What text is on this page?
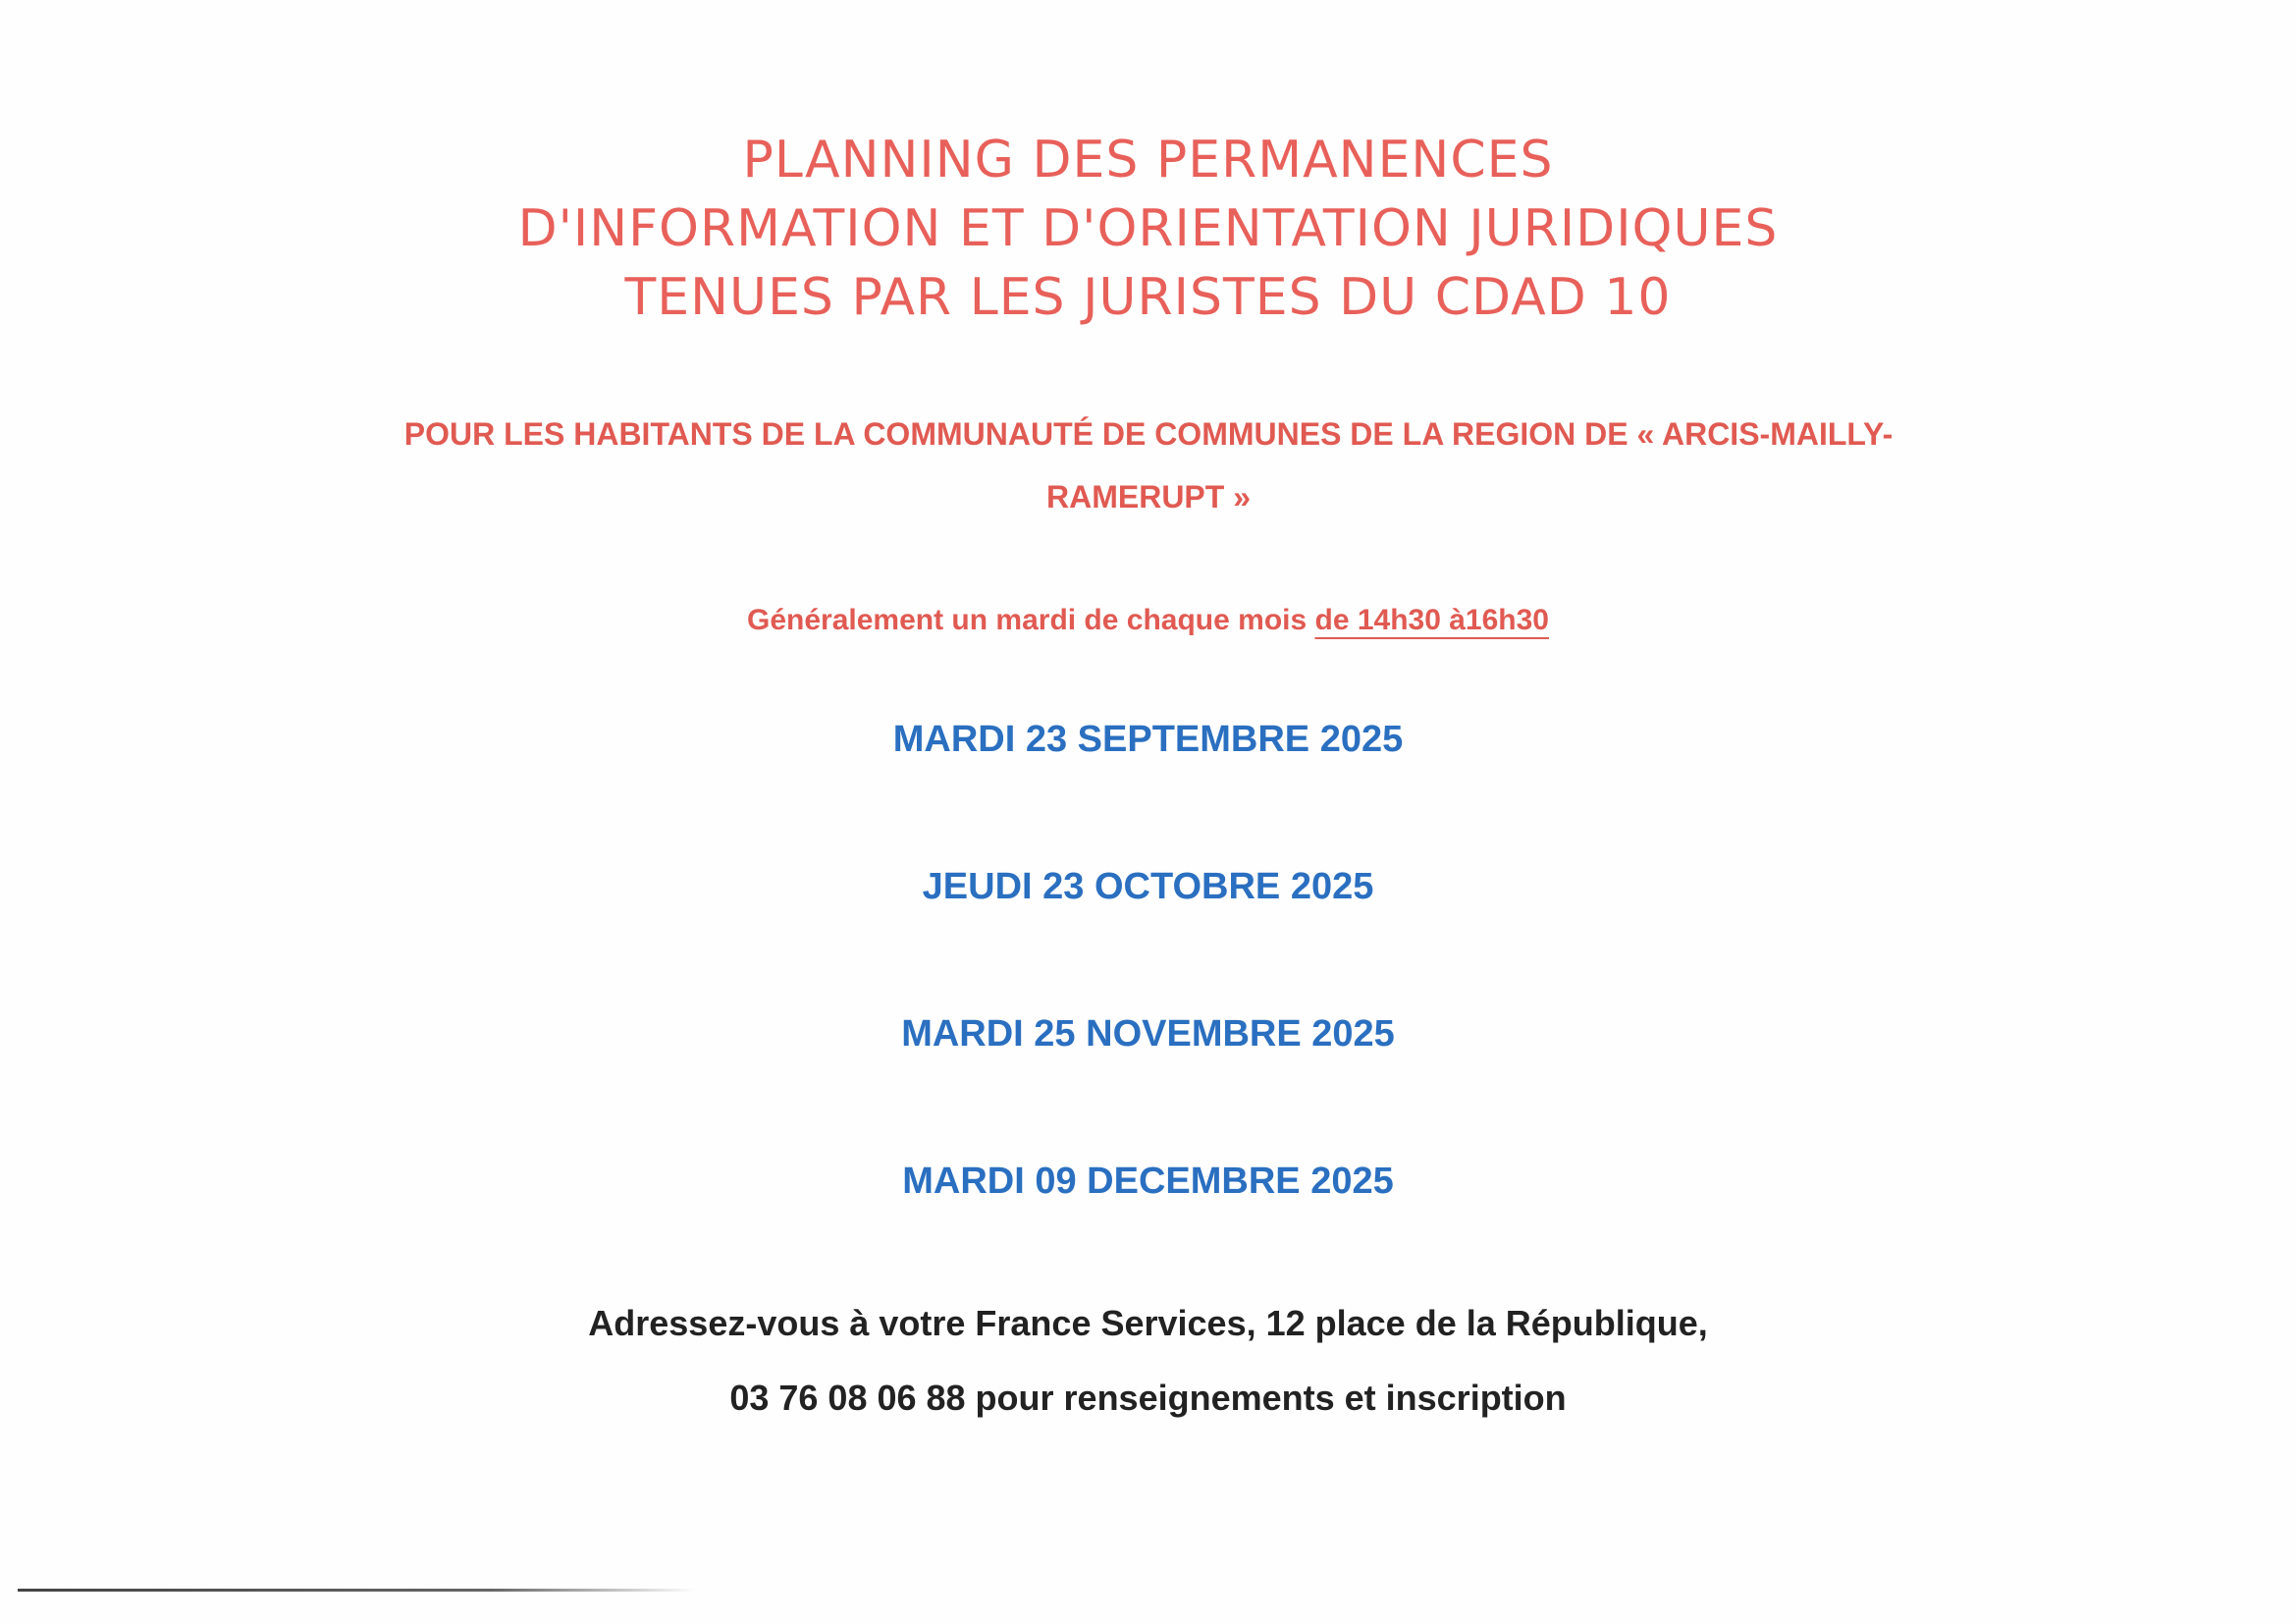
PLANNING DES PERMANENCES
D'INFORMATION ET D'ORIENTATION JURIDIQUES
TENUES PAR LES JURISTES DU CDAD 10
POUR LES HABITANTS DE LA COMMUNAUTÉ DE COMMUNES DE LA REGION DE « ARCIS-MAILLY-
RAMERUPT »
Généralement un mardi de chaque mois de 14h30 à16h30
MARDI 23 SEPTEMBRE 2025
JEUDI 23 OCTOBRE 2025
MARDI 25 NOVEMBRE 2025
MARDI 09 DECEMBRE 2025
Adressez-vous à votre France Services, 12 place de la République,
03 76 08 06 88 pour renseignements et inscription
